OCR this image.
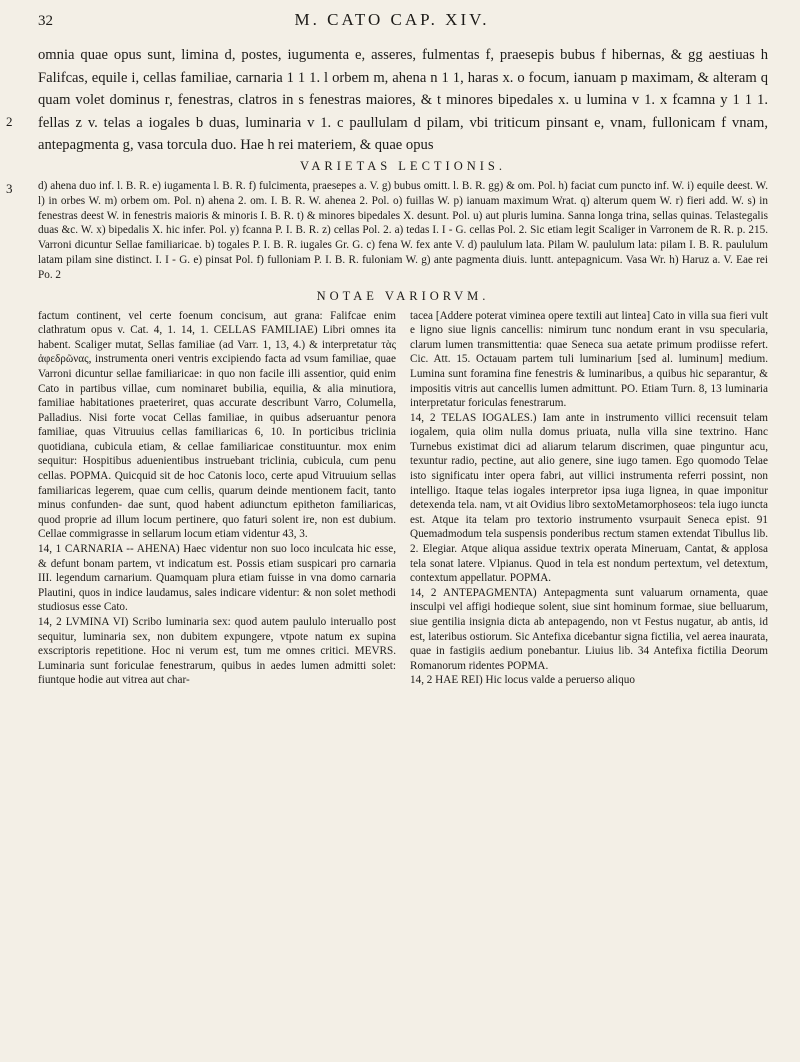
32	M. CATO CAP. XIV.
2
3

omnia quae opus sunt, limina d, postes, iugumenta e, asseres, fulmentas f, praesepis bubus f hibernas, & gg aestiuas h Falifcas, equile i, cellas familiae, carnaria 1 1 1. l orbem m, ahena n 1 1, haras x. o focum, ianuam p maximam, & alteram q quam volet dominus r, fenestras, clatros in s fenestras maiores, & t minores bipedales x. u lumina v 1. x fcamna y 1 1 1. fellas z v. telas a iogales b duas, luminaria v 1. c paullulam d pilam, vbi triticum pinsant e, vnam, fullonicam f vnam, antepagmenta g, vasa torcula duo. Hae h rei materiem, & quae opus

VARIETAS LECTIONIS.

d) ahena duo inf. l. B. R. e) iugamenta l. B. R. f) fulcimenta, praesepes a. V. g) bubus omitt. l. B. R. gg) & om. Pol. h) faciat cum puncto inf. W. i) equile deest. W. l) in orbes W. m) orbem om. Pol. n) ahena 2. om. I. B. R. W. ahenea 2. Pol. o) fuillas W. p) ianuam maximum Wrat. q) alterum quem W. r) fieri add. W. s) in fenestras deest W. in fenestris maioris & minoris I. B. R. t) & minores bipedales X. desunt. Pol. u) aut pluris lumina. Sanna longa trina, sellas quinas. Telastegalis duas &c. W. x) bipedalis X. hic infer. Pol. y) fcanna P. I. B. R. z) cellas Pol. 2. a) tedas I. I - G. cellas Pol. 2. Sic etiam legit Scaliger in Varronem de R. R. p. 215. Varroni dicuntur Sellae familiaricae. b) togales P. I. B. R. iugales Gr. G. c) fena W. fex ante V. d) paululum lata. Pilam W. paululum lata: pilam I. B. R. paululum latam pilam sine distinct. I. I - G. e) pinsat Pol. f) fulloniam P. I. B. R. fuloniam W. g) ante pagmenta diuis. luntt. antepagnicum. Vasa Wr. h) Haruz a. V. Eae rei Po. 2

NOTAE VARIORVM.

factum continent, vel certe foenum concisum, aut grana: Falifcae enim clathratum opus v. Cat. 4, 1. 14, 1. CELLAS FAMILIAE) Libri omnes ita habent. Scaliger mutat, Sellas familiae (ad Varr. 1, 13, 4.) & interpretatur τὰς ἀφεδρῶνας, instrumenta oneri ventris excipiendo facta ad vsum familiae, quae Varroni dicuntur sellae familiaricae: in quo non facile illi assentior, quid enim Cato in partibus villae, cum nominaret bubilia, equilia, & alia minutiora, familiae habitationes praeteriret, quas accurate describunt Varro, Columella, Palladius. Nisi forte vocat Cellas familiae, in quibus adseruantur penora familiae, quas Vitruuius cellas familiaricas 6, 10. In porticibus triclinia quotidiana, cubicula etiam, & cellae familiaricae constituuntur. mox enim sequitur: Hospitibus aduenientibus instruebant triclinia, cubicula, cum penu cellas. POPMA. Quicquid sit de hoc Catonis loco, certe apud Vitruuium sellas familiaricas legerem, quae cum cellis, quarum deinde mentionem facit, tanto minus confunden- dae sunt, quod habent adiunctum epitheton familiaricas, quod proprie ad illum locum pertinere, quo faturi solent ire, non est dubium. Cellae commigrasse in sellarum locum etiam videntur 43, 3.

14, 1 CARNARIA -- AHENA) Haec videntur non suo loco inculcata hic esse, & defunt bonam partem, vt indicatum est. Possis etiam suspicari pro carnaria III. legendum carnarium. Quamquam plura etiam fuisse in vna domo carnaria Plautini, quos in indice laudamus, sales indicare videntur: & non solet methodi studiosus esse Cato.

14, 2 LVMINA VI) Scribo luminaria sex: quod autem paululo interuallo post sequitur, luminaria sex, non dubitem expungere, vtpote natum ex supina exscriptoris repetitione. Hoc ni verum est, tum me omnes critici. MEVRS. Luminaria sunt foriculae fenestrarum, quibus in aedes lumen admitti solet: fiuntque hodie aut vitrea aut char-

tacea [Addere poterat viminea opere textili aut lintea] Cato in villa sua fieri vult e ligno siue lignis cancellis: nimirum tunc nondum erant in vsu specularia, clarum lumen transmittentia: quae Seneca sua aetate primum prodiisse refert. Cic. Att. 15. Octauam partem tuli luminarium [sed al. luminum] medium. Lumina sunt foramina fine fenestris & luminaribus, a quibus hic separantur, & impositis vitris aut cancellis lumen admittunt. PO. Etiam Turn. 8, 13 luminaria interpretatur foriculas fenestrarum.

14, 2 TELAS IOGALES.) Iam ante in instrumento villici recensuit telam iogalem, quia olim nulla domus priuata, nulla villa sine textrino. Hanc Turnebus existimat dici ad aliarum telarum discrimen, quae pinguntur acu, texuntur radio, pectine, aut alio genere, sine iugo tamen. Ego quomodo Telae isto significatu inter opera fabri, aut villici instrumenta referri possint, non intelligo. Itaque telas iogales interpretor ipsa iuga lignea, in quae imponitur detexenda tela. nam, vt ait Ovidius libro sextoMetamorphoseos: tela iugo iuncta est. Atque ita telam pro textorio instrumento vsurpauit Seneca epist. 91 Quemadmodum tela suspensis ponderibus rectum stamen extendat Tibullus lib. 2. Elegiar. Atque aliqua assidue textrix operata Mineruam, Cantat, & applosa tela sonat latere. Vlpianus. Quod in tela est nondum pertextum, vel detextum, contextum appellatur. POPMA.

14, 2 ANTEPAGMENTA) Antepagmenta sunt valuarum ornamenta, quae insculpi vel affigi hodieque solent, siue sint hominum formae, siue belluarum, siue gentilia insignia dicta ab antepagendo, non vt Festus nugatur, ab antis, id est, lateribus ostiorum. Sic Antefixa dicebantur signa fictilia, vel aerea inaurata, quae in fastigiis aedium ponebantur. Liuius lib. 34 Antefixa fictilia Deorum Romanorum ridentes POPMA.

14, 2 HAE REI) Hic locus valde a peruerso aliquo
